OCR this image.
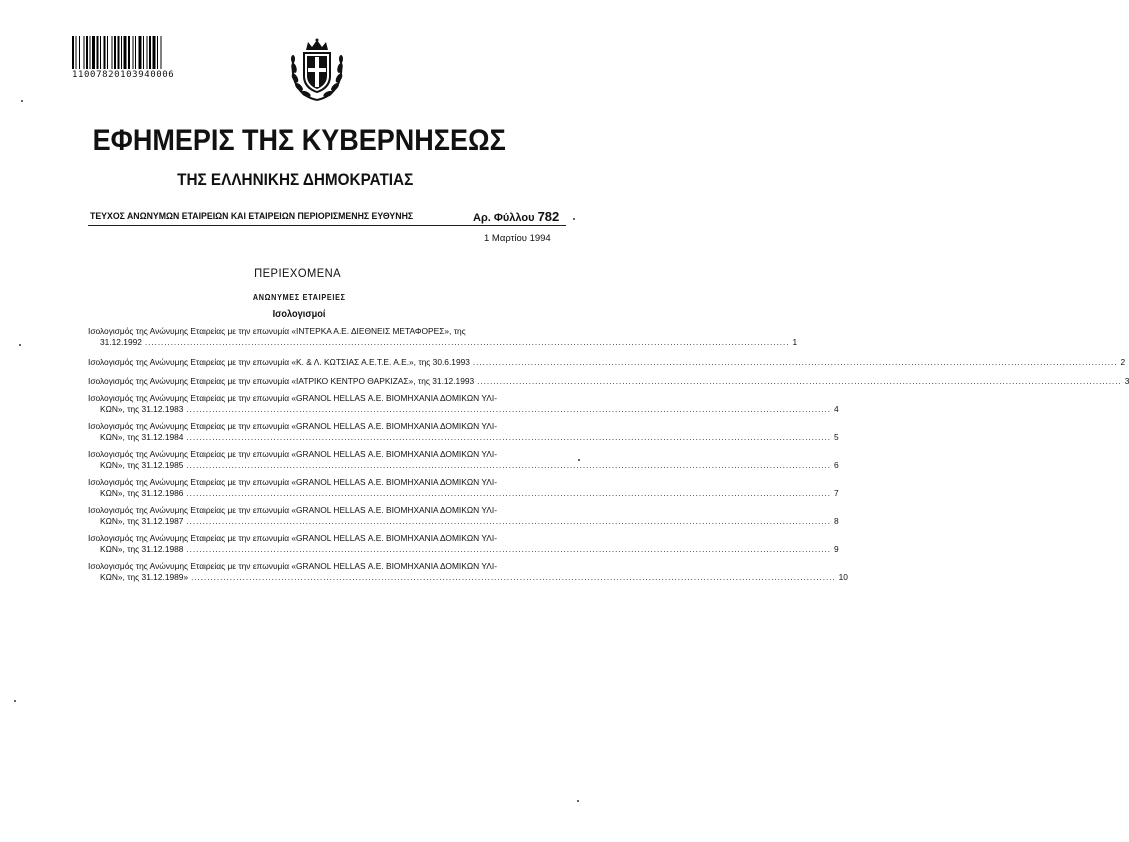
11007820103940006
ΕΦΗΜΕΡΙΣ ΤΗΣ ΚΥΒΕΡΝΗΣΕΩΣ
ΤΗΣ ΕΛΛΗΝΙΚΗΣ ΔΗΜΟΚΡΑΤΙΑΣ
ΤΕΥΧΟΣ ΑΝΩΝΥΜΩΝ ΕΤΑΙΡΕΙΩΝ ΚΑΙ ΕΤΑΙΡΕΙΩΝ ΠΕΡΙΟΡΙΣΜΕΝΗΣ ΕΥΘΥΝΗΣ	Αρ. Φύλλου 782
1 Μαρτίου 1994
ΠΕΡΙΕΧΟΜΕΝΑ
ΑΝΩΝΥΜΕΣ ΕΤΑΙΡΕΙΕΣ
Ισολογισμοί
Ισολογισμός της Ανώνυμης Εταιρείας με την επωνυμία «ΙΝΤΕΡΚΑ Α.Ε. ΔΙΕΘΝΕΙΣ ΜΕΤΑΦΟΡΕΣ», της
31.12.1992 ........................................................................................................................................................................................................ 1
Ισολογισμός της Ανώνυμης Εταιρείας με την επωνυμία «Κ. & Λ. ΚΩΤΣΙΑΣ Α.Ε.Τ.Ε. Α.Ε.», της 30.6.1993 ........................................................................................................................................................................................................ 2
Ισολογισμός της Ανώνυμης Εταιρείας με την επωνυμία «ΙΑΤΡΙΚΟ ΚΕΝΤΡΟ ΘΑΡΚΙΖΑΣ», της 31.12.1993 ........................................................................................................................................................................................................ 3
Ισολογισμός της Ανώνυμης Εταιρείας με την επωνυμία «GRANOL HELLAS Α.Ε. ΒΙΟΜΗΧΑΝΙΑ ΔΟΜΙΚΩΝ ΥΛΙ-
ΚΩΝ», της 31.12.1983 ........................................................................................................................................................................................................ 4
Ισολογισμός της Ανώνυμης Εταιρείας με την επωνυμία «GRANOL HELLAS Α.Ε. ΒΙΟΜΗΧΑΝΙΑ ΔΟΜΙΚΩΝ ΥΛΙ-
ΚΩΝ», της 31.12.1984 ........................................................................................................................................................................................................ 5
Ισολογισμός της Ανώνυμης Εταιρείας με την επωνυμία «GRANOL HELLAS Α.Ε. ΒΙΟΜΗΧΑΝΙΑ ΔΟΜΙΚΩΝ ΥΛΙ-
ΚΩΝ», της 31.12.1985 ........................................................................................................................................................................................................ 6
Ισολογισμός της Ανώνυμης Εταιρείας με την επωνυμία «GRANOL HELLAS Α.Ε. ΒΙΟΜΗΧΑΝΙΑ ΔΟΜΙΚΩΝ ΥΛΙ-
ΚΩΝ», της 31.12.1986 ........................................................................................................................................................................................................ 7
Ισολογισμός της Ανώνυμης Εταιρείας με την επωνυμία «GRANOL HELLAS Α.Ε. ΒΙΟΜΗΧΑΝΙΑ ΔΟΜΙΚΩΝ ΥΛΙ-
ΚΩΝ», της 31.12.1987 ........................................................................................................................................................................................................ 8
Ισολογισμός της Ανώνυμης Εταιρείας με την επωνυμία «GRANOL HELLAS Α.Ε. ΒΙΟΜΗΧΑΝΙΑ ΔΟΜΙΚΩΝ ΥΛΙ-
ΚΩΝ», της 31.12.1988 ........................................................................................................................................................................................................ 9
Ισολογισμός της Ανώνυμης Εταιρείας με την επωνυμία «GRANOL HELLAS Α.Ε. ΒΙΟΜΗΧΑΝΙΑ ΔΟΜΙΚΩΝ ΥΛΙ-
ΚΩΝ», της 31.12.1989» ........................................................................................................................................................................................................ 10
